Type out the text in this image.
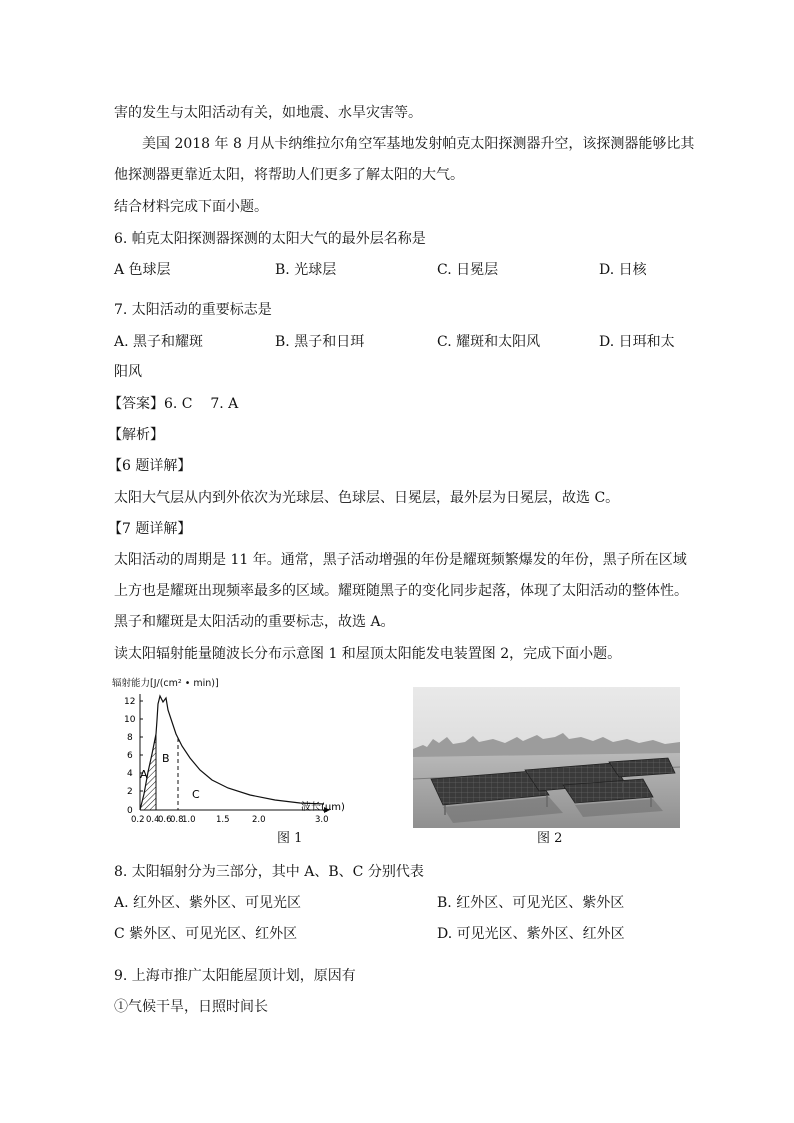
害的发生与太阳活动有关，如地震、水旱灾害等。
美国 2018 年 8 月从卡纳维拉尔角空军基地发射帕克太阳探测器升空，该探测器能够比其
他探测器更靠近太阳，将帮助人们更多了解太阳的大气。
结合材料完成下面小题。
6. 帕克太阳探测器探测的太阳大气的最外层名称是
A 色球层	B. 光球层	C. 日冕层	D. 日核
7. 太阳活动的重要标志是
A. 黑子和耀斑	B. 黑子和日珥	C. 耀斑和太阳风	D. 日珥和太
阳风
【答案】6. C    7. A
【解析】
【6 题详解】
太阳大气层从内到外依次为光球层、色球层、日冕层，最外层为日冕层，故选 C。
【7 题详解】
太阳活动的周期是 11 年。通常，黑子活动增强的年份是耀斑频繁爆发的年份，黑子所在区域
上方也是耀斑出现频率最多的区域。耀斑随黑子的变化同步起落，体现了太阳活动的整体性。
黑子和耀斑是太阳活动的重要标志，故选 A。
读太阳辐射能量随波长分布示意图 1 和屋顶太阳能发电装置图 2，完成下面小题。
辐射能力[J/(cm² • min)]
12
10
8
6
4
2
0
A
B
C
0.2 0.4
0.6
0.8
1.0 1.5	2.0	3.0
波长(μm)
图 1	图 2
8. 太阳辐射分为三部分，其中 A、B、C 分别代表
A. 红外区、紫外区、可见光区	B. 红外区、可见光区、紫外区
C 紫外区、可见光区、红外区	D. 可见光区、紫外区、红外区
9. 上海市推广太阳能屋顶计划，原因有
①气候干旱，日照时间长
